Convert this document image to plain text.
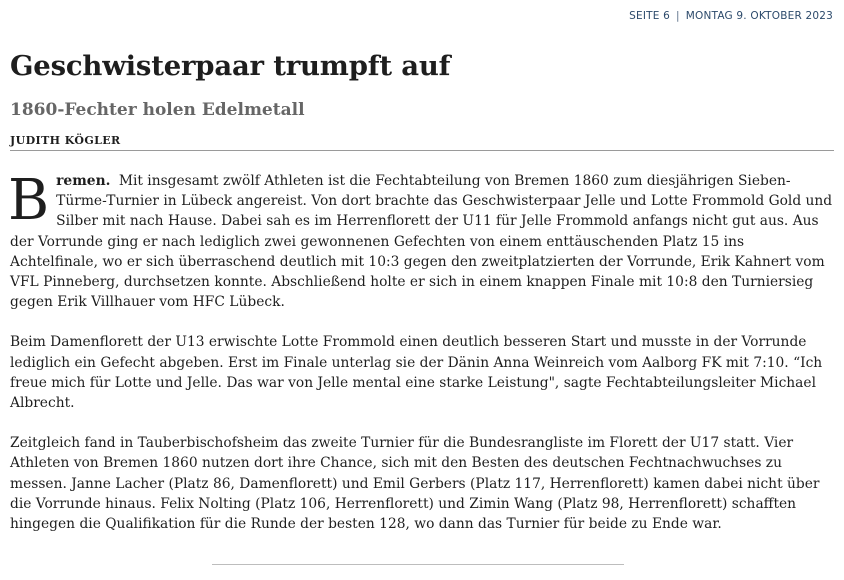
SEITE 6 | MONTAG 9. OKTOBER 2023
Geschwisterpaar trumpft auf
1860-Fechter holen Edelmetall
JUDITH KÖGLER

Bremen. Mit insgesamt zwölf Athleten ist die Fechtabteilung von Bremen 1860 zum diesjährigen Sieben-Türme-Turnier in Lübeck angereist. Von dort brachte das Geschwisterpaar Jelle und Lotte Frommold Gold und Silber mit nach Hause. Dabei sah es im Herrenflorett der U11 für Jelle Frommold anfangs nicht gut aus. Aus der Vorrunde ging er nach lediglich zwei gewonnenen Gefechten von einem enttäuschenden Platz 15 ins Achtelfinale, wo er sich überraschend deutlich mit 10:3 gegen den zweitplatzierten der Vorrunde, Erik Kahnert vom VFL Pinneberg, durchsetzen konnte. Abschließend holte er sich in einem knappen Finale mit 10:8 den Turniersieg gegen Erik Villhauer vom HFC Lübeck.

Beim Damenflorett der U13 erwischte Lotte Frommold einen deutlich besseren Start und musste in der Vorrunde lediglich ein Gefecht abgeben. Erst im Finale unterlag sie der Dänin Anna Weinreich vom Aalborg FK mit 7:10. “Ich freue mich für Lotte und Jelle. Das war von Jelle mental eine starke Leistung", sagte Fechtabteilungsleiter Michael Albrecht.

Zeitgleich fand in Tauberbischofsheim das zweite Turnier für die Bundesrangliste im Florett der U17 statt. Vier Athleten von Bremen 1860 nutzen dort ihre Chance, sich mit den Besten des deutschen Fechtnachwuchses zu messen. Janne Lacher (Platz 86, Damenflorett) und Emil Gerbers (Platz 117, Herrenflorett) kamen dabei nicht über die Vorrunde hinaus. Felix Nolting (Platz 106, Herrenflorett) und Zimin Wang (Platz 98, Herrenflorett) schafften hingegen die Qualifikation für die Runde der besten 128, wo dann das Turnier für beide zu Ende war.
